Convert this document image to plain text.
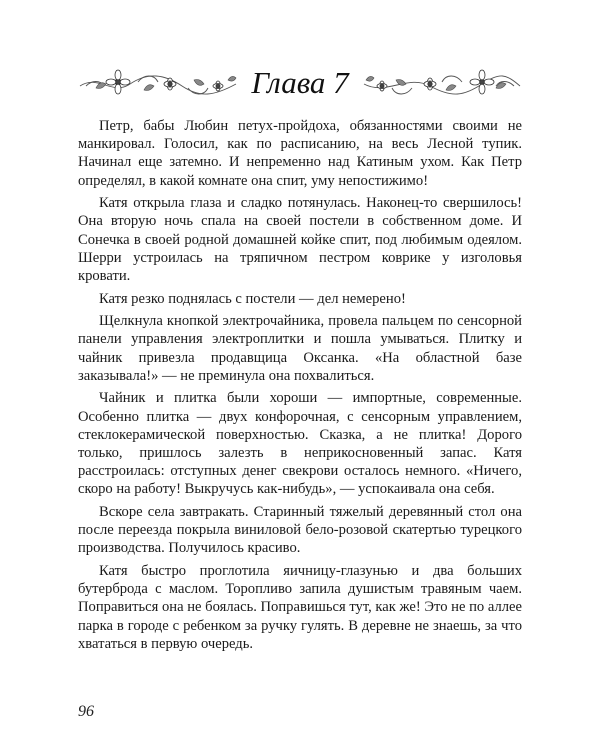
Глава 7

Петр, бабы Любин петух-пройдоха, обязанностями своими не манкировал. Голосил, как по расписанию, на весь Лесной тупик. Начинал еще затемно. И непременно над Катиным ухом. Как Петр определял, в какой комнате она спит, уму непостижимо!

Катя открыла глаза и сладко потянулась. Наконец-то свершилось! Она вторую ночь спала на своей постели в собственном доме. И Сонечка в своей родной домашней койке спит, под любимым одеялом. Шерри устроилась на тряпичном пестром коврике у изголовья кровати.

Катя резко поднялась с постели — дел немерено!

Щелкнула кнопкой электрочайника, провела пальцем по сенсорной панели управления электроплитки и пошла умываться. Плитку и чайник привезла продавщица Оксанка. «На областной базе заказывала!» — не преминула она похвалиться.

Чайник и плитка были хороши — импортные, современные. Особенно плитка — двух конфорочная, с сенсорным управлением, стеклокерамической поверхностью. Сказка, а не плитка! Дорого только, пришлось залезть в неприкосновенный запас. Катя расстроилась: отступных денег свекрови осталось немного. «Ничего, скоро на работу! Выкручусь как-нибудь», — успокаивала она себя.

Вскоре села завтракать. Старинный тяжелый деревянный стол она после переезда покрыла виниловой бело-розовой скатертью турецкого производства. Получилось красиво.

Катя быстро проглотила яичницу-глазунью и два больших бутерброда с маслом. Торопливо запила душистым травяным чаем. Поправиться она не боялась. Поправишься тут, как же! Это не по аллее парка в городе с ребенком за ручку гулять. В деревне не знаешь, за что хвататься в первую очередь.

96
